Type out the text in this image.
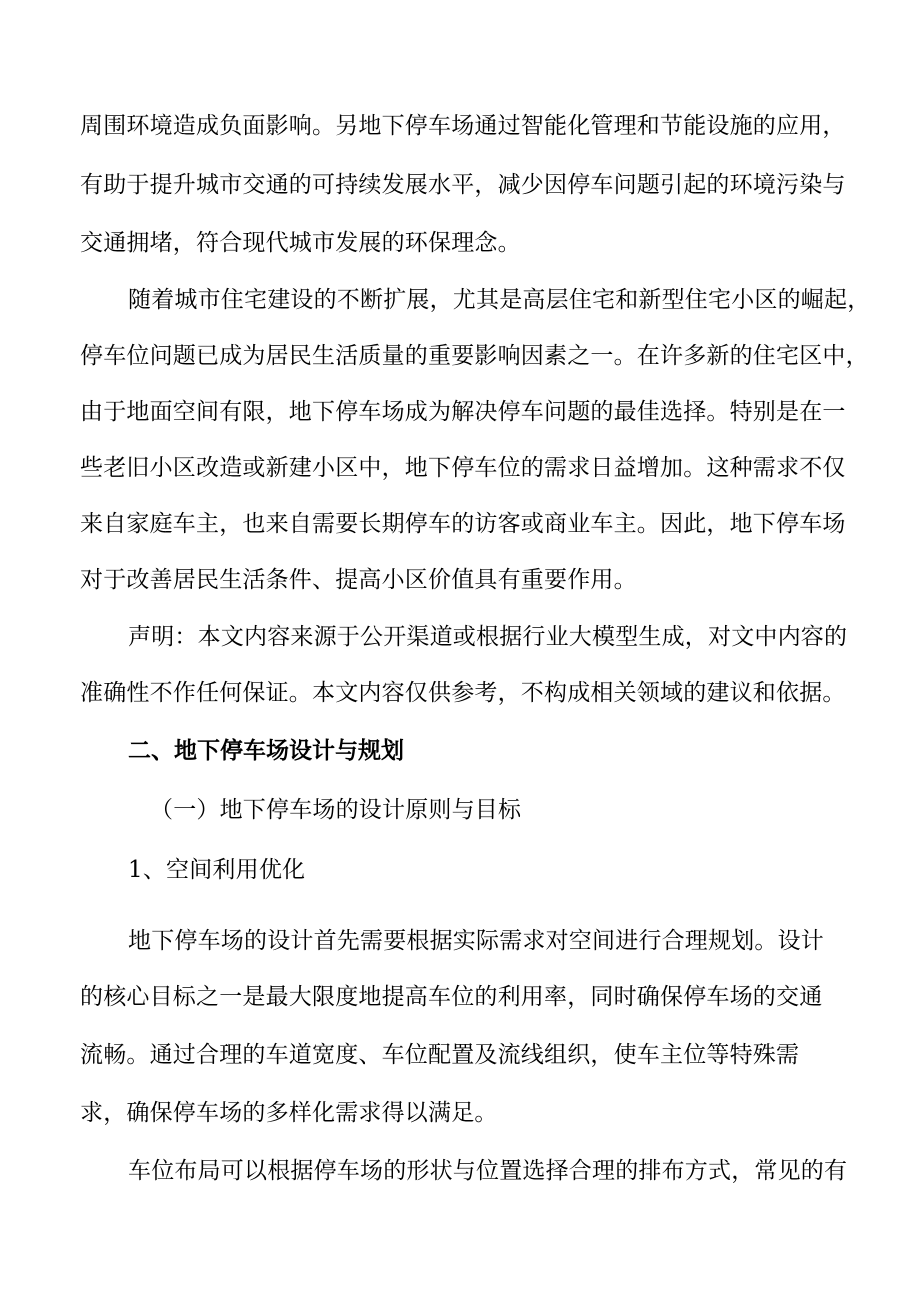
周围环境造成负面影响。另地下停车场通过智能化管理和节能设施的应用，
有助于提升城市交通的可持续发展水平，减少因停车问题引起的环境污染与
交通拥堵，符合现代城市发展的环保理念。
随着城市住宅建设的不断扩展，尤其是高层住宅和新型住宅小区的崛起，
停车位问题已成为居民生活质量的重要影响因素之一。在许多新的住宅区中，
由于地面空间有限，地下停车场成为解决停车问题的最佳选择。特别是在一
些老旧小区改造或新建小区中，地下停车位的需求日益增加。这种需求不仅
来自家庭车主，也来自需要长期停车的访客或商业车主。因此，地下停车场
对于改善居民生活条件、提高小区价值具有重要作用。
声明：本文内容来源于公开渠道或根据行业大模型生成，对文中内容的
准确性不作任何保证。本文内容仅供参考，不构成相关领域的建议和依据。
二、地下停车场设计与规划
（一）地下停车场的设计原则与目标
1、空间利用优化
地下停车场的设计首先需要根据实际需求对空间进行合理规划。设计
的核心目标之一是最大限度地提高车位的利用率，同时确保停车场的交通
流畅。通过合理的车道宽度、车位配置及流线组织，使车主位等特殊需
求，确保停车场的多样化需求得以满足。
车位布局可以根据停车场的形状与位置选择合理的排布方式，常见的有
